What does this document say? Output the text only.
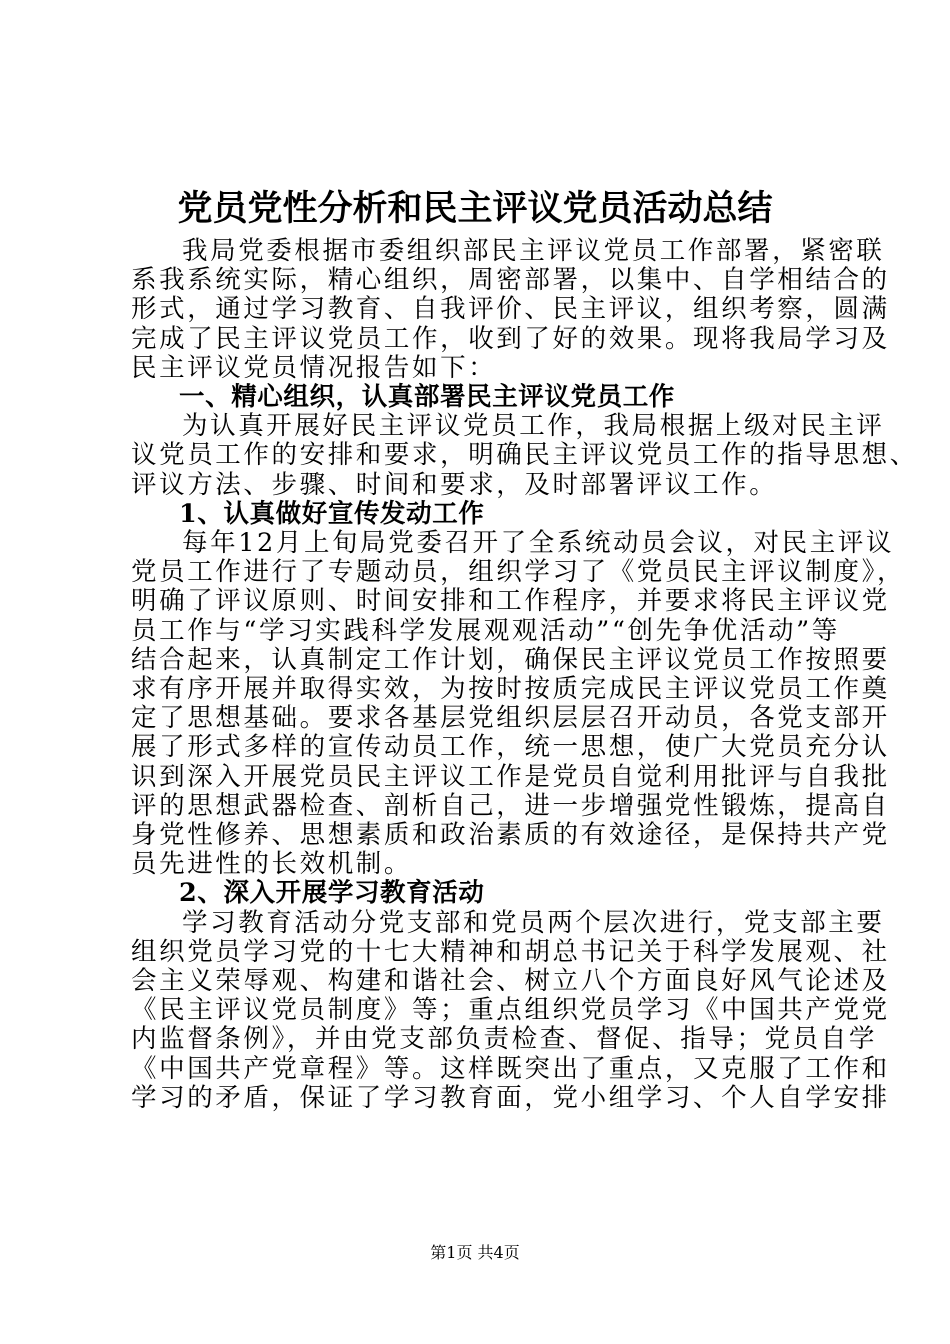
党员党性分析和民主评议党员活动总结

我局党委根据市委组织部民主评议党员工作部署，紧密联
系我系统实际，精心组织，周密部署，以集中、自学相结合的
形式，通过学习教育、自我评价、民主评议，组织考察，圆满
完成了民主评议党员工作，收到了好的效果。现将我局学习及
民主评议党员情况报告如下：

一、精心组织，认真部署民主评议党员工作

为认真开展好民主评议党员工作，我局根据上级对民主评
议党员工作的安排和要求，明确民主评议党员工作的指导思想、
评议方法、步骤、时间和要求，及时部署评议工作。

1、认真做好宣传发动工作

每年12月上旬局党委召开了全系统动员会议，对民主评议
党员工作进行了专题动员，组织学习了《党员民主评议制度》，
明确了评议原则、时间安排和工作程序，并要求将民主评议党
员工作与“学习实践科学发展观观活动”“创先争优活动”等
结合起来，认真制定工作计划，确保民主评议党员工作按照要
求有序开展并取得实效，为按时按质完成民主评议党员工作奠
定了思想基础。要求各基层党组织层层召开动员，各党支部开
展了形式多样的宣传动员工作，统一思想，使广大党员充分认
识到深入开展党员民主评议工作是党员自觉利用批评与自我批
评的思想武器检查、剖析自己，进一步增强党性锻炼，提高自
身党性修养、思想素质和政治素质的有效途径，是保持共产党
员先进性的长效机制。

2、深入开展学习教育活动

学习教育活动分党支部和党员两个层次进行，党支部主要
组织党员学习党的十七大精神和胡总书记关于科学发展观、社
会主义荣辱观、构建和谐社会、树立八个方面良好风气论述及
《民主评议党员制度》等；重点组织党员学习《中国共产党党
内监督条例》，并由党支部负责检查、督促、指导；党员自学
《中国共产党章程》等。这样既突出了重点，又克服了工作和
学习的矛盾，保证了学习教育面，党小组学习、个人自学安排

第1页 共4页
